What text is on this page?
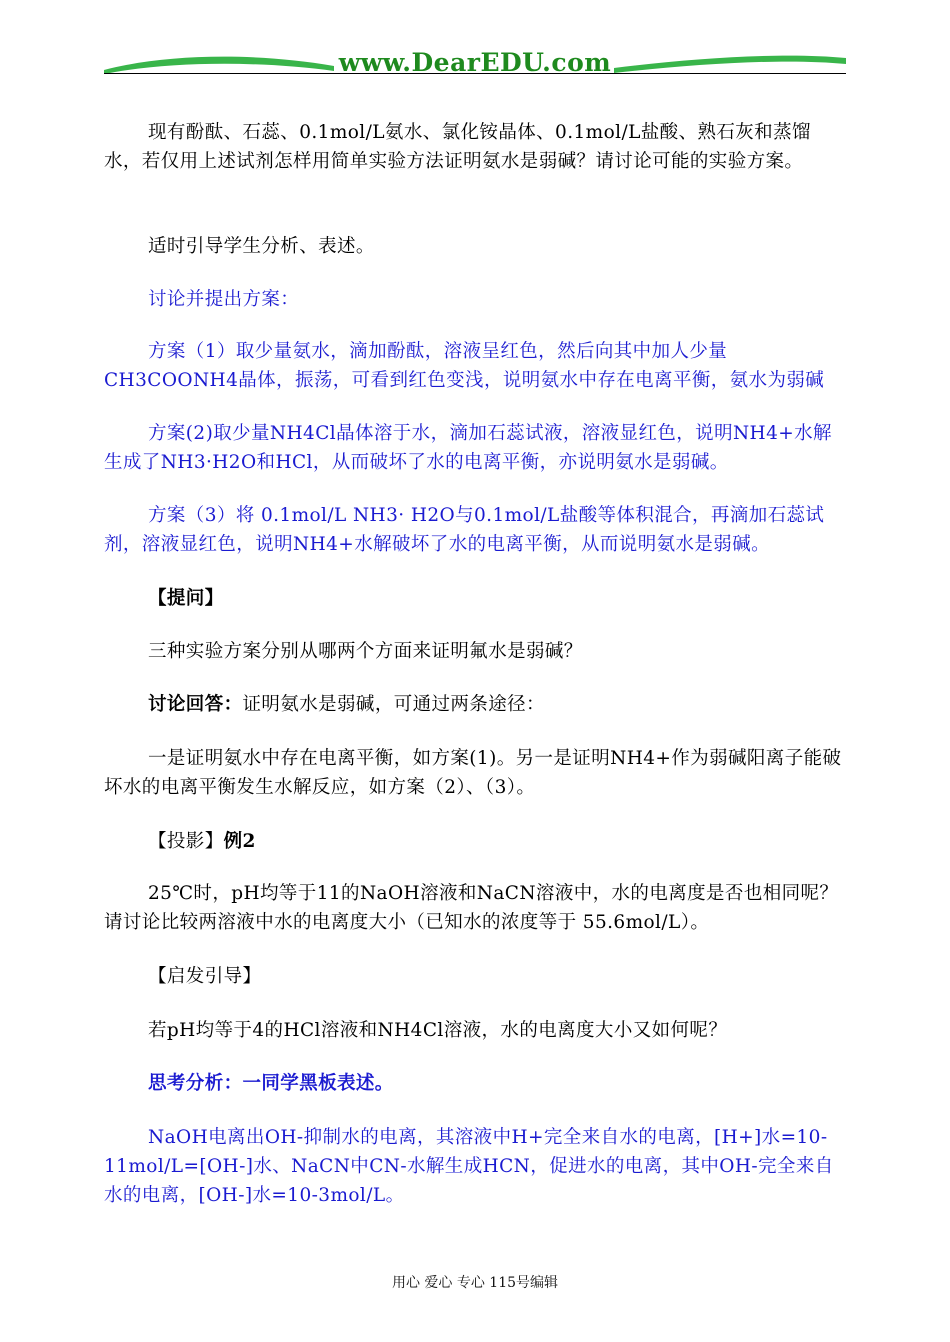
www.DearEDU.com

现有酚酞、石蕊、0.1mol/L氨水、氯化铵晶体、0.1mol/L盐酸、熟石灰和蒸馏水，若仅用上述试剂怎样用简单实验方法证明氨水是弱碱？请讨论可能的实验方案。

适时引导学生分析、表述。

讨论并提出方案：

方案（1）取少量氨水，滴加酚酞，溶液呈红色，然后向其中加人少量CH3COONH4晶体，振荡，可看到红色变浅，说明氨水中存在电离平衡，氨水为弱碱

方案(2)取少量NH4Cl晶体溶于水，滴加石蕊试液，溶液显红色，说明NH4+水解生成了NH3·H2O和HCl，从而破坏了水的电离平衡，亦说明氨水是弱碱。

方案（3）将 0.1mol/L NH3· H2O与0.1mol/L盐酸等体积混合，再滴加石蕊试剂，溶液显红色，说明NH4+水解破坏了水的电离平衡，从而说明氨水是弱碱。

【提问】

三种实验方案分别从哪两个方面来证明氟水是弱碱？

讨论回答：证明氨水是弱碱，可通过两条途径：

一是证明氨水中存在电离平衡，如方案(1)。另一是证明NH4+作为弱碱阳离子能破坏水的电离平衡发生水解反应，如方案（2）、（3）。

【投影】例2

25℃时，pH均等于11的NaOH溶液和NaCN溶液中，水的电离度是否也相同呢？请讨论比较两溶液中水的电离度大小（已知水的浓度等于 55.6mol/L）。

【启发引导】

若pH均等于4的HCl溶液和NH4Cl溶液，水的电离度大小又如何呢？

思考分析：一同学黑板表述。

NaOH电离出OH-抑制水的电离，其溶液中H+完全来自水的电离，[H+]水=10-11mol/L=[OH-]水、NaCN中CN-水解生成HCN，促进水的电离，其中OH-完全来自水的电离，[OH-]水=10-3mol/L。

用心 爱心 专心 115号编辑
